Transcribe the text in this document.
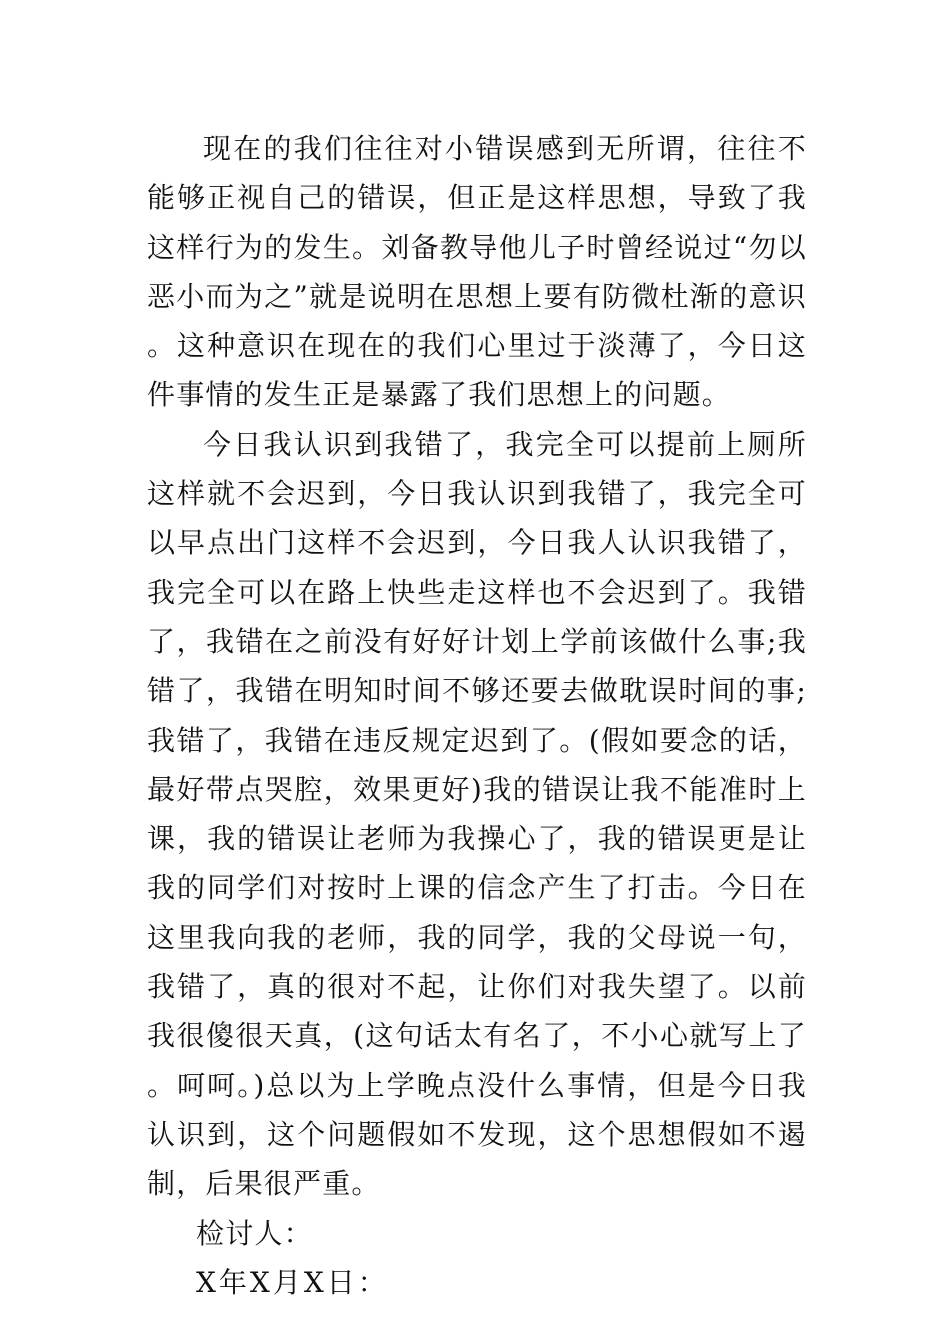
现在的我们往往对小错误感到无所谓，往往不能够正视自己的错误，但正是这样思想，导致了我这样行为的发生。刘备教导他儿子时曾经说过“勿以恶小而为之”就是说明在思想上要有防微杜渐的意识。这种意识在现在的我们心里过于淡薄了，今日这件事情的发生正是暴露了我们思想上的问题。

今日我认识到我错了，我完全可以提前上厕所这样就不会迟到，今日我认识到我错了，我完全可以早点出门这样不会迟到，今日我人认识我错了，我完全可以在路上快些走这样也不会迟到了。我错了，我错在之前没有好好计划上学前该做什么事;我错了，我错在明知时间不够还要去做耽误时间的事;我错了，我错在违反规定迟到了。(假如要念的话，最好带点哭腔，效果更好)我的错误让我不能准时上课，我的错误让老师为我操心了，我的错误更是让我的同学们对按时上课的信念产生了打击。今日在这里我向我的老师，我的同学，我的父母说一句，我错了，真的很对不起，让你们对我失望了。以前我很傻很天真，(这句话太有名了，不小心就写上了。呵呵。)总以为上学晚点没什么事情，但是今日我认识到，这个问题假如不发现，这个思想假如不遏制，后果很严重。

检讨人：

X年X月X日：
